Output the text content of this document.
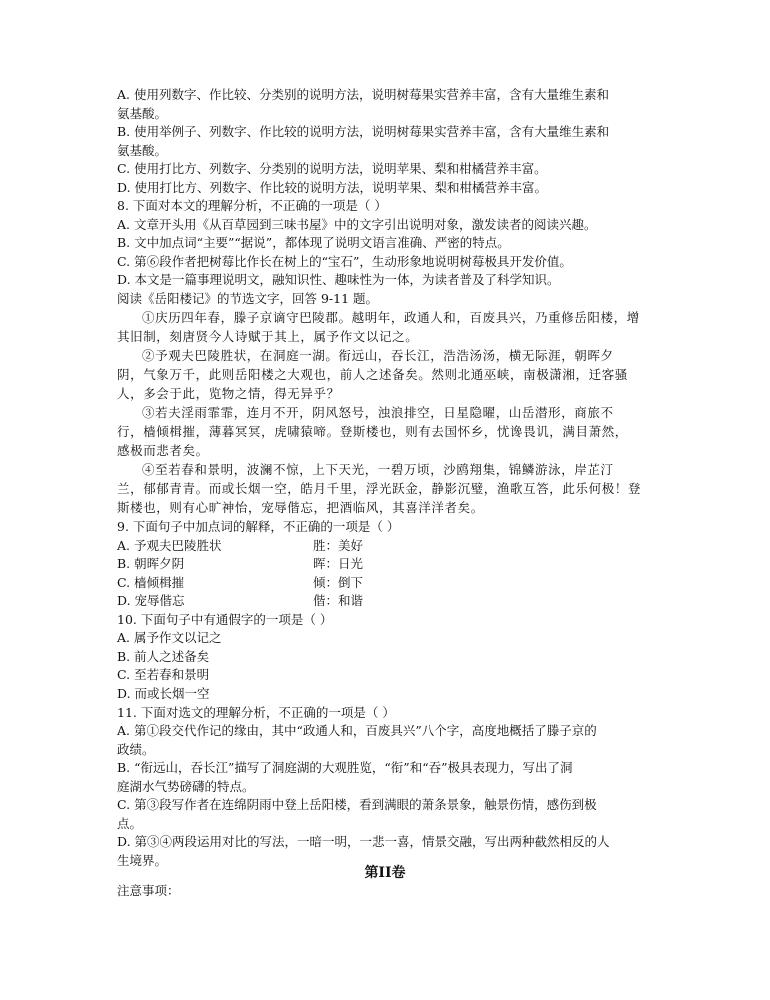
A. 使用列数字、作比较、分类别的说明方法，说明树莓果实营养丰富，含有大量维生素和
氨基酸。
B. 使用举例子、列数字、作比较的说明方法，说明树莓果实营养丰富，含有大量维生素和
氨基酸。
C. 使用打比方、列数字、分类别的说明方法，说明苹果、梨和柑橘营养丰富。
D. 使用打比方、列数字、作比较的说明方法，说明苹果、梨和柑橘营养丰富。
8. 下面对本文的理解分析，不正确的一项是（ ）
A. 文章开头用《从百草园到三味书屋》中的文字引出说明对象，激发读者的阅读兴趣。
B. 文中加点词“主要”“据说”，都体现了说明文语言准确、严密的特点。
C. 第⑥段作者把树莓比作长在树上的“宝石”，生动形象地说明树莓极具开发价值。
D. 本文是一篇事理说明文，融知识性、趣味性为一体，为读者普及了科学知识。
阅读《岳阳楼记》的节选文字，回答 9-11 题。
①庆历四年春，滕子京谪守巴陵郡。越明年，政通人和，百废具兴，乃重修岳阳楼，增
其旧制，刻唐贤今人诗赋于其上，属予作文以记之。
②予观夫巴陵胜状，在洞庭一湖。衔远山，吞长江，浩浩汤汤，横无际涯，朝晖夕
阴，气象万千，此则岳阳楼之大观也，前人之述备矣。然则北通巫峡，南极潇湘，迁客骚
人，多会于此，览物之情，得无异乎？
③若夫淫雨霏霏，连月不开，阴风怒号，浊浪排空，日星隐曜，山岳潜形，商旅不
行，樯倾楫摧，薄暮冥冥，虎啸猿啼。登斯楼也，则有去国怀乡，忧谗畏讥，满目萧然，
感极而悲者矣。
④至若春和景明，波澜不惊，上下天光，一碧万顷，沙鸥翔集，锦鳞游泳，岸芷汀
兰，郁郁青青。而或长烟一空，皓月千里，浮光跃金，静影沉璧，渔歌互答，此乐何极！登
斯楼也，则有心旷神怡，宠辱偕忘，把酒临风，其喜洋洋者矣。
9. 下面句子中加点词的解释，不正确的一项是（ ）
A. 予观夫巴陵胜状	胜：美好
B. 朝晖夕阴	晖：日光
C. 樯倾楫摧	倾：倒下
D. 宠辱偕忘	偕：和谐
10. 下面句子中有通假字的一项是（ ）
A. 属予作文以记之
B. 前人之述备矣
C. 至若春和景明
D. 而或长烟一空
11. 下面对选文的理解分析，不正确的一项是（ ）
A. 第①段交代作记的缘由，其中“政通人和，百废具兴”八个字，高度地概括了滕子京的
政绩。
B. “衔远山，吞长江”描写了洞庭湖的大观胜览，“衔”和“吞”极具表现力，写出了洞
庭湖水气势磅礴的特点。
C. 第③段写作者在连绵阴雨中登上岳阳楼，看到满眼的萧条景象，触景伤情，感伤到极
点。
D. 第③④两段运用对比的写法，一暗一明，一悲一喜，情景交融，写出两种截然相反的人
生境界。
第II卷
注意事项：
